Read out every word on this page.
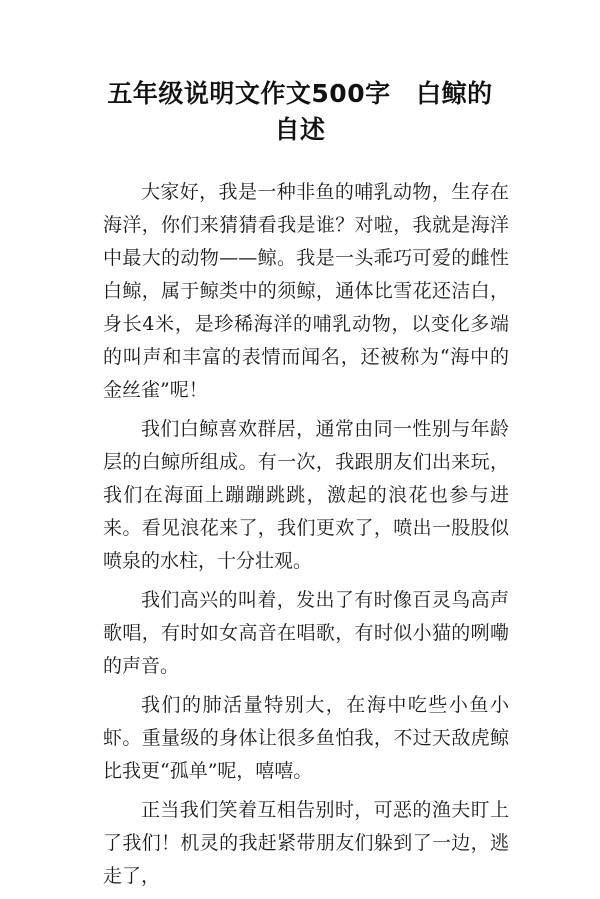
五年级说明文作文500字　白鲸的自述

大家好，我是一种非鱼的哺乳动物，生存在海洋，你们来猜猜看我是谁？对啦，我就是海洋中最大的动物——鲸。我是一头乖巧可爱的雌性白鲸，属于鲸类中的须鲸，通体比雪花还洁白，身长4米，是珍稀海洋的哺乳动物，以变化多端的叫声和丰富的表情而闻名，还被称为“海中的金丝雀”呢！

我们白鲸喜欢群居，通常由同一性别与年龄层的白鲸所组成。有一次，我跟朋友们出来玩，我们在海面上蹦蹦跳跳，激起的浪花也参与进来。看见浪花来了，我们更欢了，喷出一股股似喷泉的水柱，十分壮观。

我们高兴的叫着，发出了有时像百灵鸟高声歌唱，有时如女高音在唱歌，有时似小猫的咧嘞的声音。

我们的肺活量特别大，在海中吃些小鱼小虾。重量级的身体让很多鱼怕我，不过天敌虎鲸比我更“孤单”呢，嘻嘻。

正当我们笑着互相告别时，可恶的渔夫盯上了我们！机灵的我赶紧带朋友们躲到了一边，逃走了，
